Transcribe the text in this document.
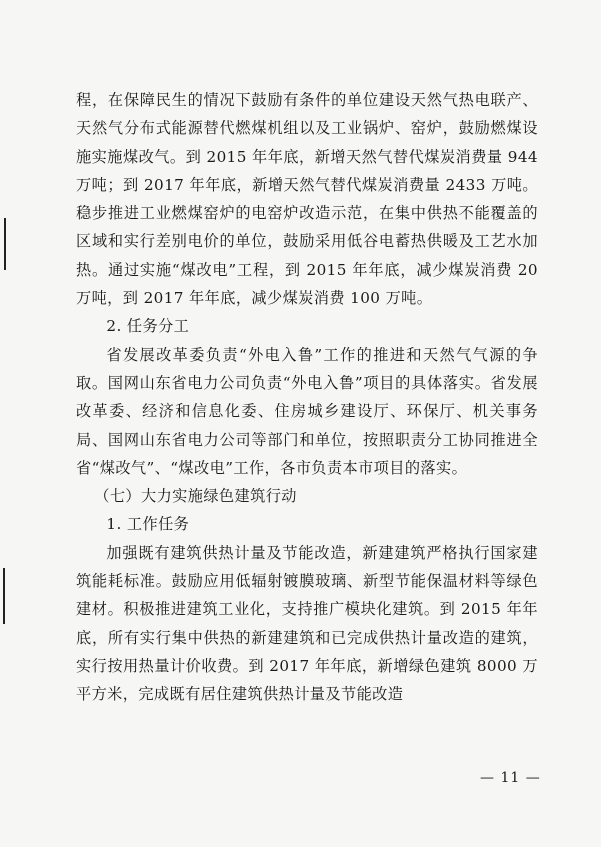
程，在保障民生的情况下鼓励有条件的单位建设天然气热电联产、天然气分布式能源替代燃煤机组以及工业锅炉、窑炉，鼓励燃煤设施实施煤改气。到 2015 年年底，新增天然气替代煤炭消费量 944 万吨；到 2017 年年底，新增天然气替代煤炭消费量 2433 万吨。稳步推进工业燃煤窑炉的电窑炉改造示范，在集中供热不能覆盖的区域和实行差别电价的单位，鼓励采用低谷电蓄热供暖及工艺水加热。通过实施“煤改电”工程，到 2015 年年底，减少煤炭消费 20 万吨，到 2017 年年底，减少煤炭消费 100 万吨。

2. 任务分工

省发展改革委负责“外电入鲁”工作的推进和天然气气源的争取。国网山东省电力公司负责“外电入鲁”项目的具体落实。省发展改革委、经济和信息化委、住房城乡建设厅、环保厅、机关事务局、国网山东省电力公司等部门和单位，按照职责分工协同推进全省“煤改气”、“煤改电”工作，各市负责本市项目的落实。

（七）大力实施绿色建筑行动

1. 工作任务

加强既有建筑供热计量及节能改造，新建建筑严格执行国家建筑能耗标准。鼓励应用低辐射镀膜玻璃、新型节能保温材料等绿色建材。积极推进建筑工业化，支持推广模块化建筑。到 2015 年年底，所有实行集中供热的新建建筑和已完成供热计量改造的建筑，实行按用热量计价收费。到 2017 年年底，新增绿色建筑 8000 万平方米，完成既有居住建筑供热计量及节能改造

— 11 —
